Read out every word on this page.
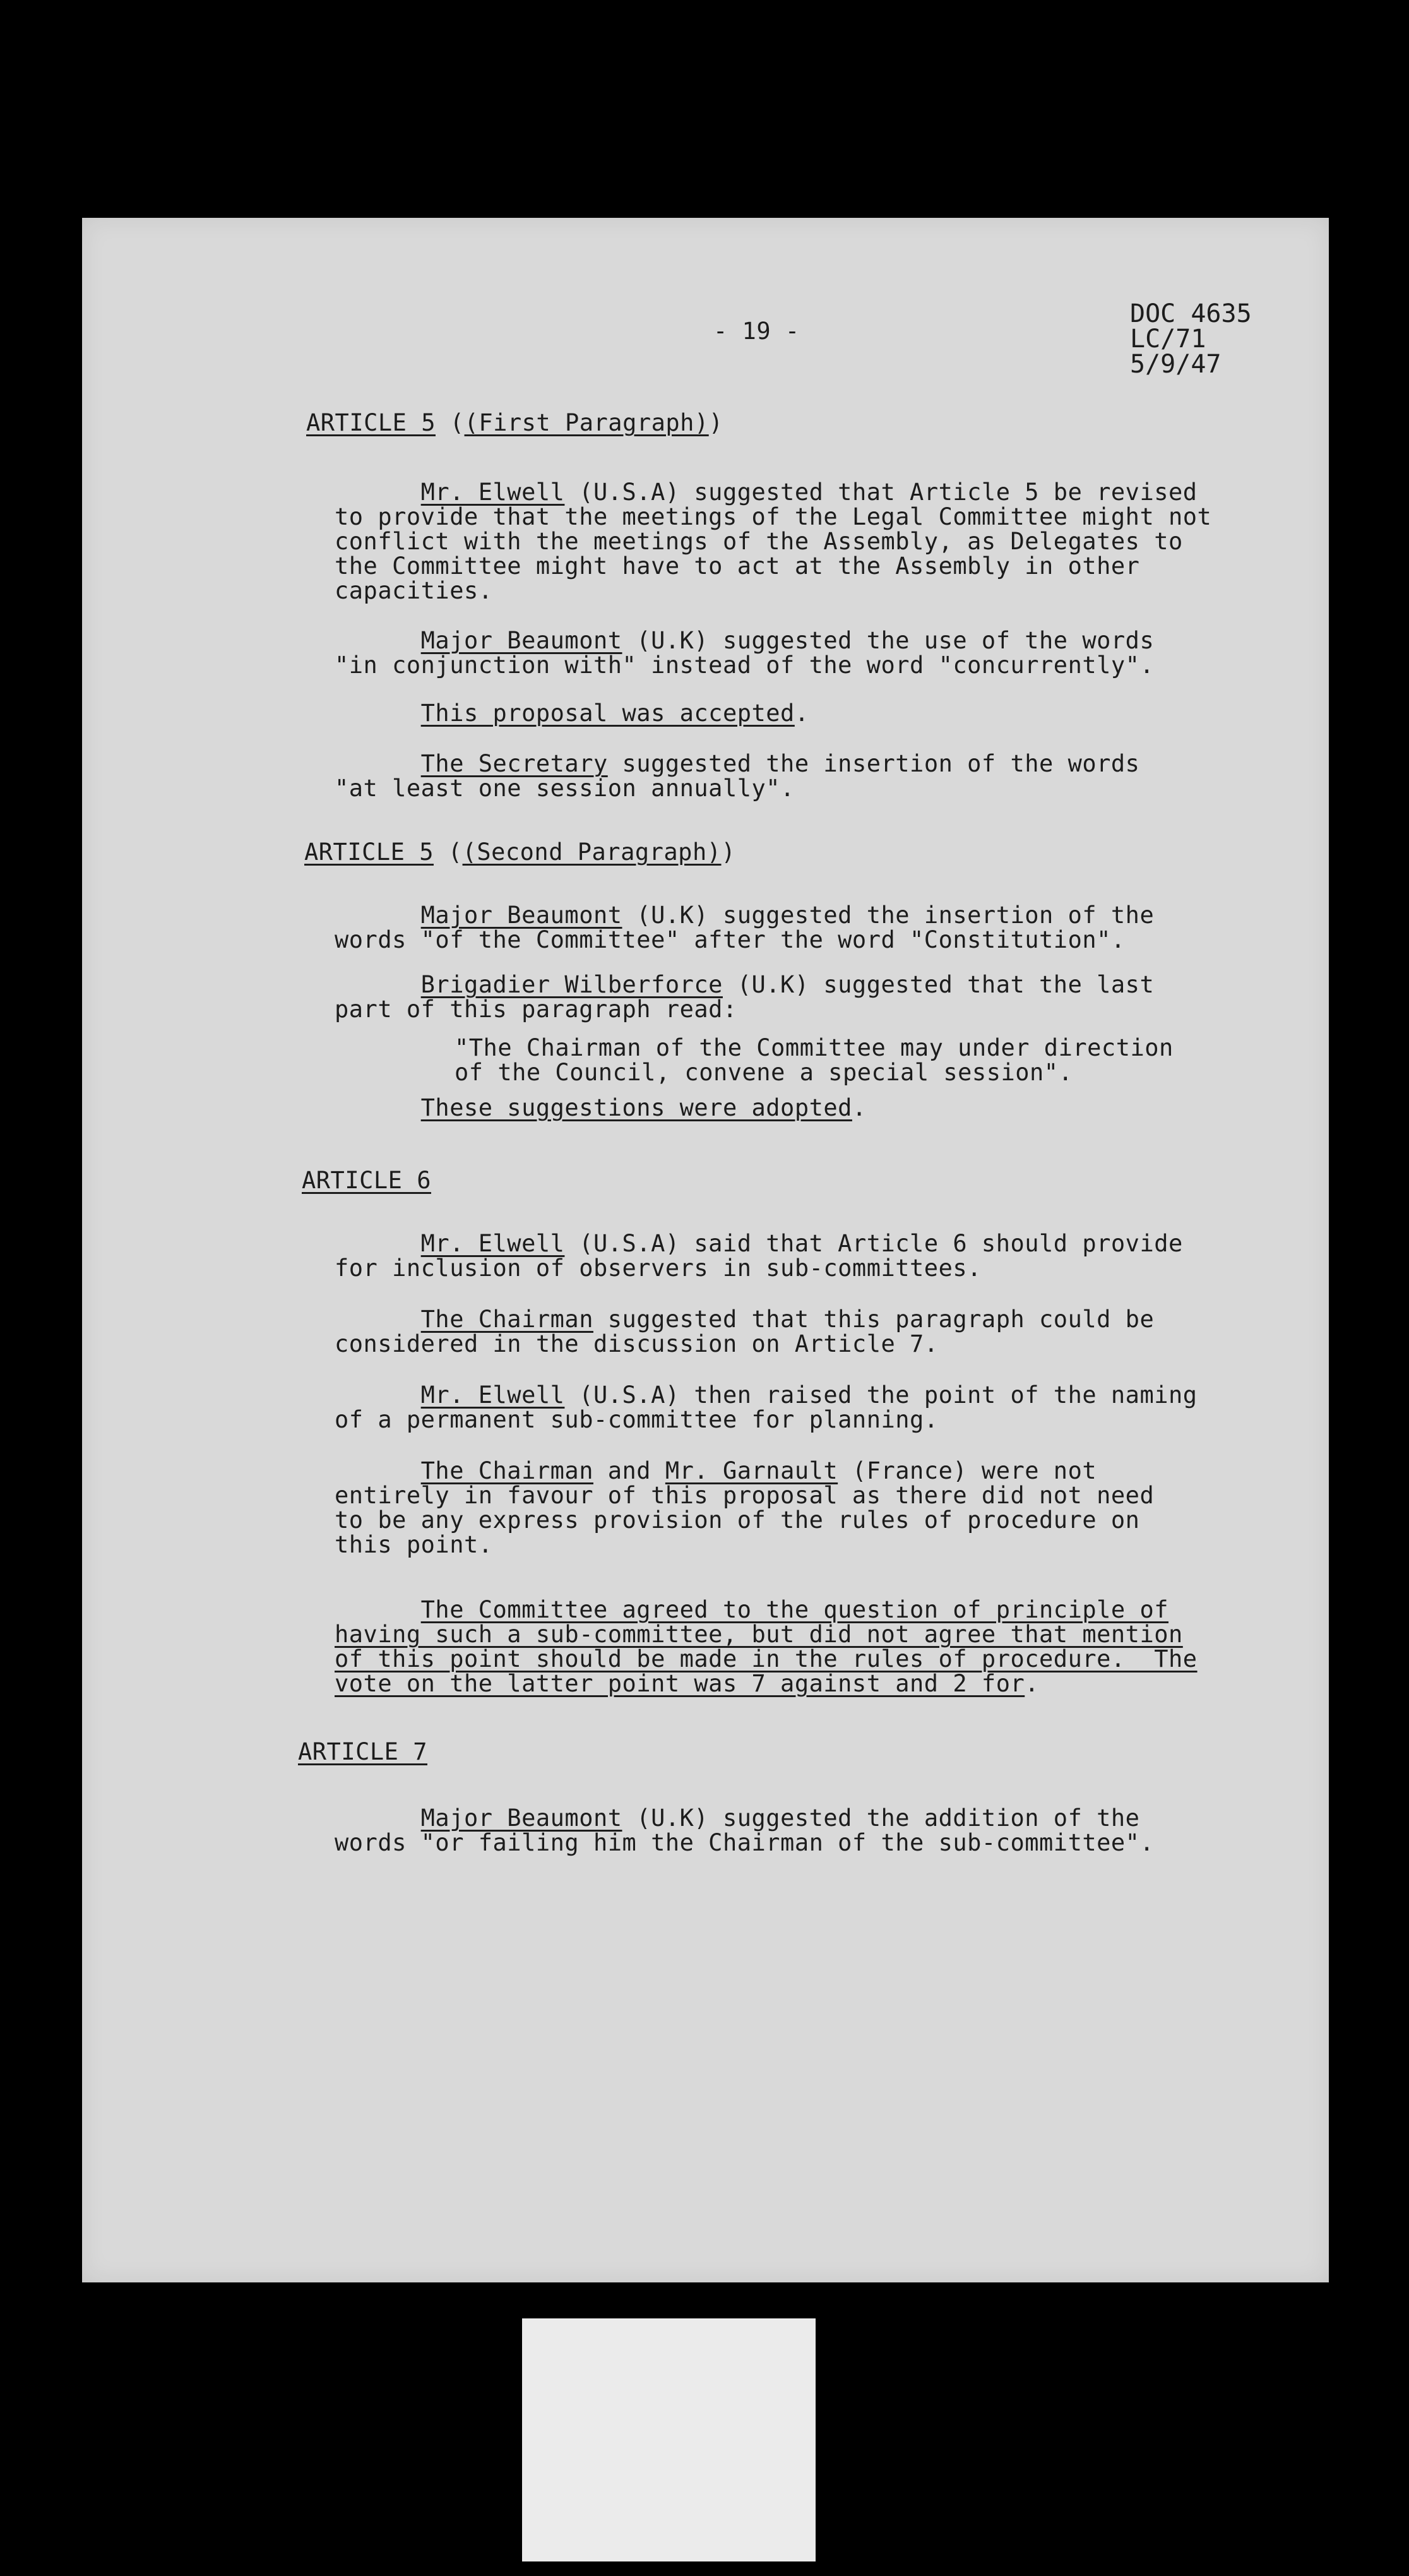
- 19 -

DOC 4635
LC/71
5/9/47

ARTICLE 5 ((First Paragraph))

Mr. Elwell (U.S.A) suggested that Article 5 be revised
to provide that the meetings of the Legal Committee might not
conflict with the meetings of the Assembly, as Delegates to
the Committee might have to act at the Assembly in other
capacities.

Major Beaumont (U.K) suggested the use of the words
"in conjunction with" instead of the word "concurrently".

This proposal was accepted.

The Secretary suggested the insertion of the words
"at least one session annually".

ARTICLE 5 ((Second Paragraph))

Major Beaumont (U.K) suggested the insertion of the
words "of the Committee" after the word "Constitution".

Brigadier Wilberforce (U.K) suggested that the last
part of this paragraph read:

"The Chairman of the Committee may under direction
of the Council, convene a special session".

These suggestions were adopted.

ARTICLE 6

Mr. Elwell (U.S.A) said that Article 6 should provide
for inclusion of observers in sub-committees.

The Chairman suggested that this paragraph could be
considered in the discussion on Article 7.

Mr. Elwell (U.S.A) then raised the point of the naming
of a permanent sub-committee for planning.

The Chairman and Mr. Garnault (France) were not
entirely in favour of this proposal as there did not need
to be any express provision of the rules of procedure on
this point.

The Committee agreed to the question of principle of
having such a sub-committee, but did not agree that mention
of this point should be made in the rules of procedure.  The
vote on the latter point was 7 against and 2 for.

ARTICLE 7

Major Beaumont (U.K) suggested the addition of the
words "or failing him the Chairman of the sub-committee".
